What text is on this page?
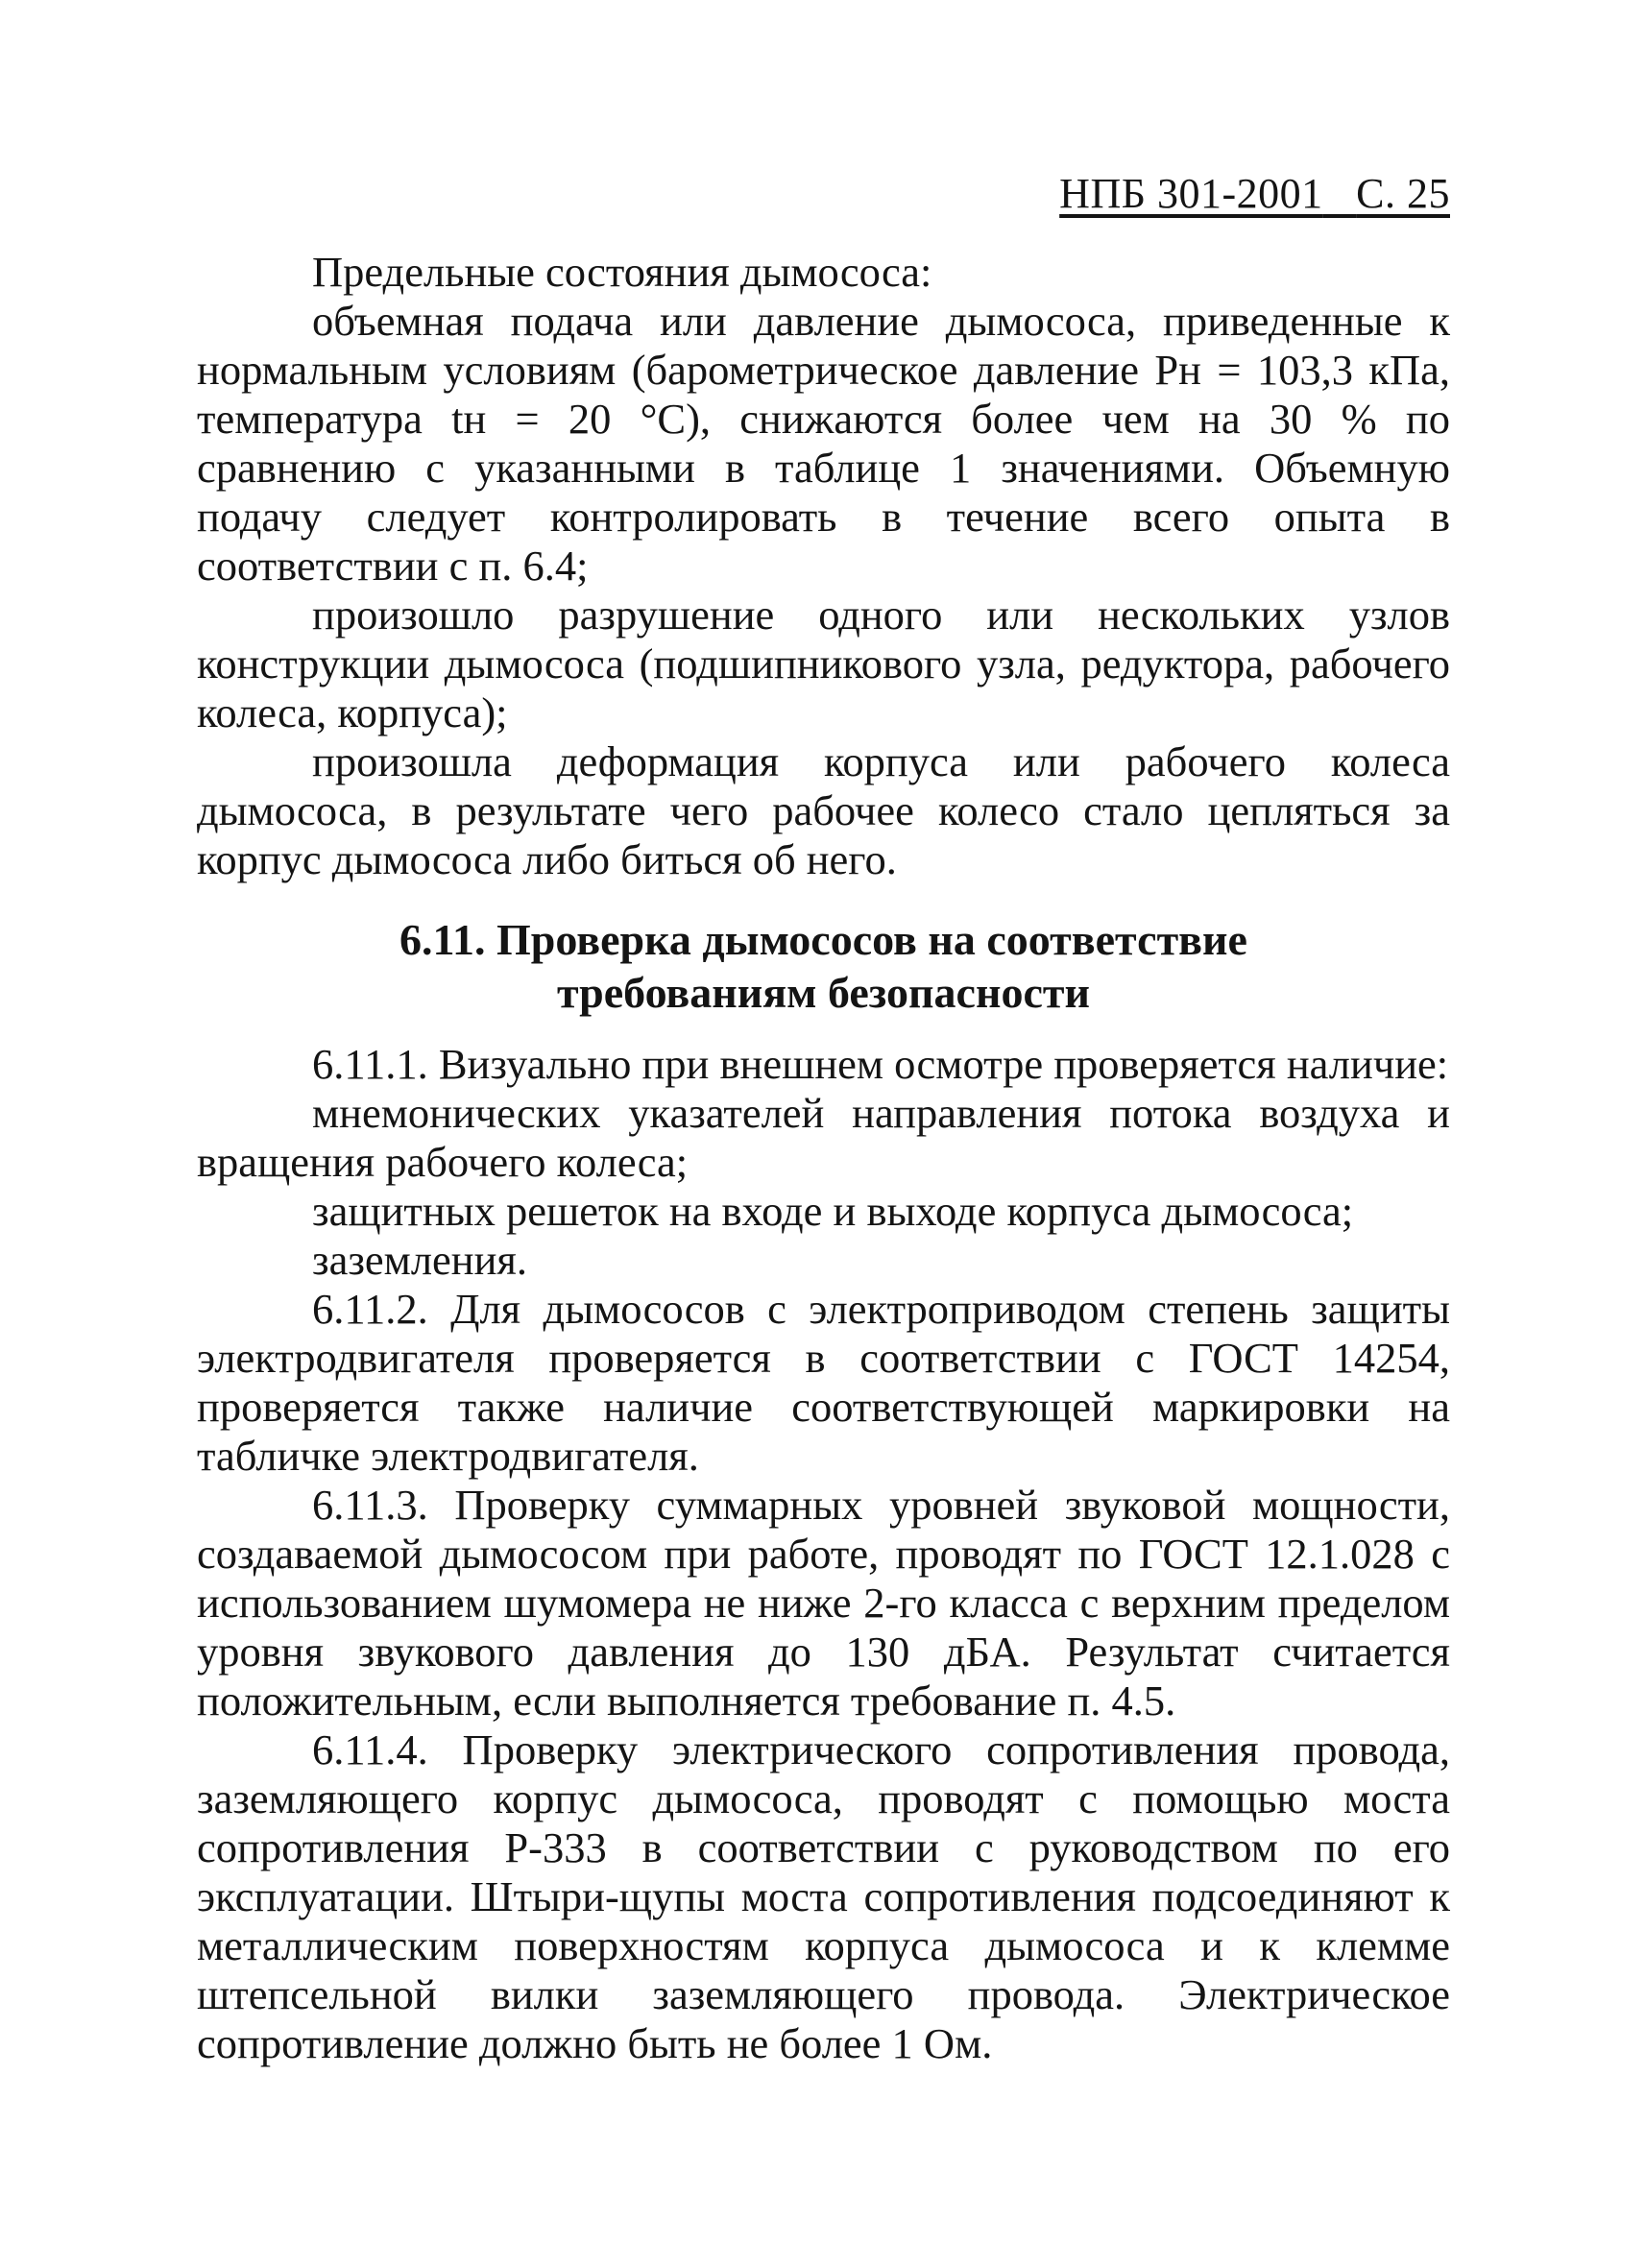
НПБ 301-2001 С. 25

Предельные состояния дымососа:

объемная подача или давление дымососа, приведенные к нормальным условиям (барометрическое давление Pн = 103,3 кПа, температура tн = 20 °С), снижаются более чем на 30 % по сравнению с указанными в таблице 1 значениями. Объемную подачу следует контролировать в течение всего опыта в соответствии с п. 6.4;

произошло разрушение одного или нескольких узлов конструкции дымососа (подшипникового узла, редуктора, рабочего колеса, корпуса);

произошла деформация корпуса или рабочего колеса дымососа, в результате чего рабочее колесо стало цепляться за корпус дымососа либо биться об него.

6.11. Проверка дымососов на соответствие
требованиям безопасности

6.11.1. Визуально при внешнем осмотре проверяется наличие:

мнемонических указателей направления потока воздуха и вращения рабочего колеса;

защитных решеток на входе и выходе корпуса дымососа;

заземления.

6.11.2. Для дымососов с электроприводом степень защиты электродвигателя проверяется в соответствии с ГОСТ 14254, проверяется также наличие соответствующей маркировки на табличке электродвигателя.

6.11.3. Проверку суммарных уровней звуковой мощности, создаваемой дымососом при работе, проводят по ГОСТ 12.1.028 с использованием шумомера не ниже 2-го класса с верхним пределом уровня звукового давления до 130 дБА. Результат считается положительным, если выполняется требование п. 4.5.

6.11.4. Проверку электрического сопротивления провода, заземляющего корпус дымососа, проводят с помощью моста сопротивления Р-333 в соответствии с руководством по его эксплуатации. Штыри-щупы моста сопротивления подсоединяют к металлическим поверхностям корпуса дымососа и к клемме штепсельной вилки заземляющего провода. Электрическое сопротивление должно быть не более 1 Ом.
